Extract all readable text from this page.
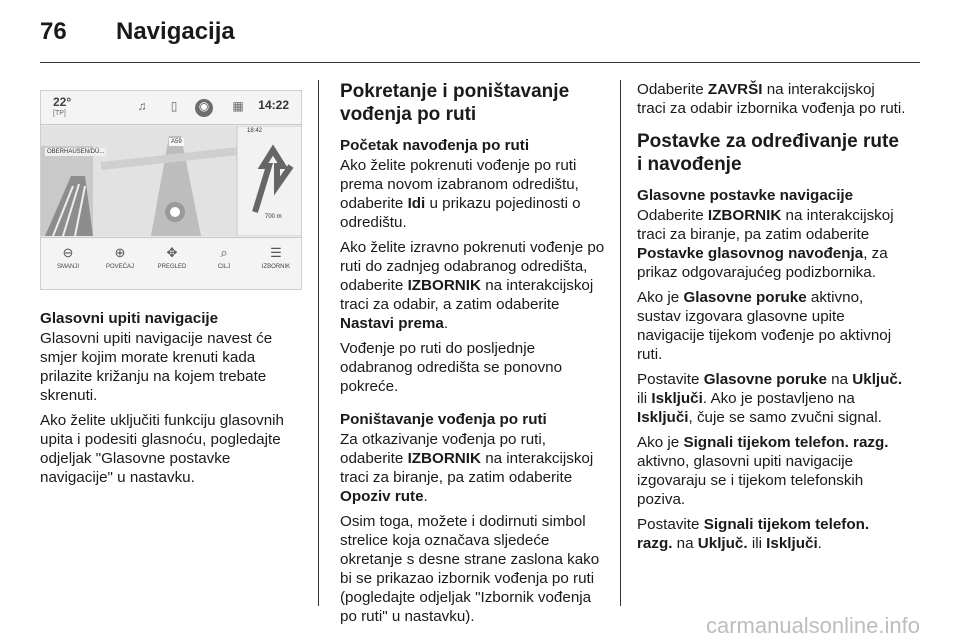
76 Navigacija
22°
[TP]
♫	▯	◉	▦ 14:22
OBERHAUSEN/DÜ...
A59
18:42
700 m
⊖
SMANJI
⊕
POVEĆAJ
✥
PREGLED
⌕
CILJ
☰
IZBORNIK
Glasovni upiti navigacije

Glasovni upiti navigacije navest će smjer kojim morate krenuti kada prilazite križanju na kojem trebate skrenuti.

Ako želite uključiti funkciju glasovnih upita i podesiti glasnoću, pogledajte odjeljak "Glasovne postavke navigacije" u nastavku.

Pokretanje i poništavanje vođenja po ruti
Početak navođenja po ruti

Ako želite pokrenuti vođenje po ruti prema novom izabranom odredištu, odaberite Idi u prikazu pojedinosti o odredištu.

Ako želite izravno pokrenuti vođenje po ruti do zadnjeg odabranog odredišta, odaberite IZBORNIK na interakcijskoj traci za odabir, a zatim odaberite Nastavi prema.

Vođenje po ruti do posljednje odabranog odredišta se ponovno pokreće.

Poništavanje vođenja po ruti

Za otkazivanje vođenja po ruti, odaberite IZBORNIK na interakcijskoj traci za biranje, pa zatim odaberite Opoziv rute.

Osim toga, možete i dodirnuti simbol strelice koja označava sljedeće okretanje s desne strane zaslona kako bi se prikazao izbornik vođenja po ruti (pogledajte odjeljak "Izbornik vođenja po ruti" u nastavku).

Odaberite ZAVRŠI na interakcijskoj traci za odabir izbornika vođenja po ruti.

Postavke za određivanje rute i navođenje
Glasovne postavke navigacije

Odaberite IZBORNIK na interakcijskoj traci za biranje, pa zatim odaberite Postavke glasovnog navođenja, za prikaz odgovarajućeg podizbornika.

Ako je Glasovne poruke aktivno, sustav izgovara glasovne upite navigacije tijekom vođenje po aktivnoj ruti.

Postavite Glasovne poruke na Uključ. ili Isključi. Ako je postavljeno na Isključi, čuje se samo zvučni signal.

Ako je Signali tijekom telefon. razg. aktivno, glasovni upiti navigacije izgovaraju se i tijekom telefonskih poziva.

Postavite Signali tijekom telefon. razg. na Uključ. ili Isključi.

carmanualsonline.info
